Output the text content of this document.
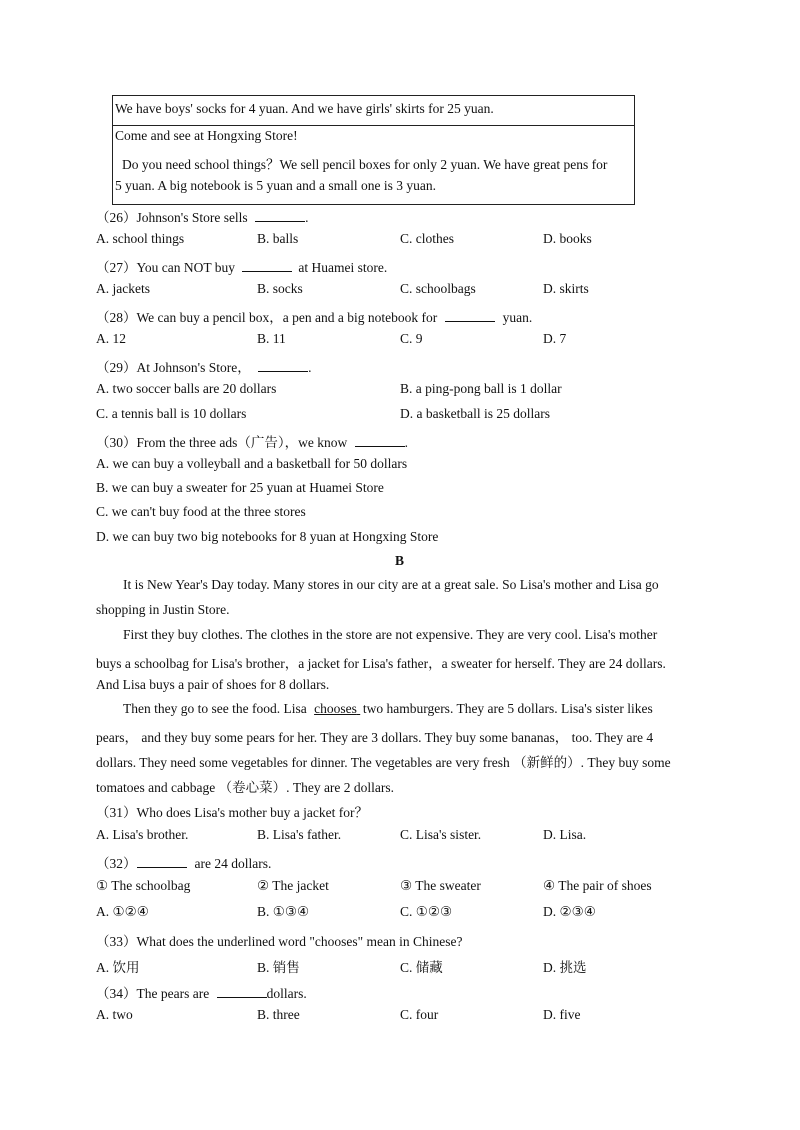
We have boys' socks for 4 yuan. And we have girls' skirts for 25 yuan.
Come and see at Hongxing Store!
Do you need school things？We sell pencil boxes for only 2 yuan. We have great pens for
5 yuan. A big notebook is 5 yuan and a small one is 3 yuan.
（26）Johnson's Store sells	.
A. school things	B. balls	C. clothes	D. books
（27）You can NOT buy	at Huamei store.
A. jackets	B. socks	C. schoolbags	D. skirts
（28）We can buy a pencil box，a pen and a big notebook for	yuan.
A. 12	B. 11	C. 9	D. 7
（29）At Johnson's Store，	.
A. two soccer balls are 20 dollars	B. a ping-pong ball is 1 dollar
C. a tennis ball is 10 dollars	D. a basketball is 25 dollars
（30）From the three ads（广告），we know	.
A. we can buy a volleyball and a basketball for 50 dollars
B. we can buy a sweater for 25 yuan at Huamei Store
C. we can't buy food at the three stores
D. we can buy two big notebooks for 8 yuan at Hongxing Store
B
It is New Year's Day today. Many stores in our city are at a great sale. So Lisa's mother and Lisa go
shopping in Justin Store.
First they buy clothes. The clothes in the store are not expensive. They are very cool. Lisa's mother
buys a schoolbag for Lisa's brother，a jacket for Lisa's father，a sweater for herself. They are 24 dollars.
And Lisa buys a pair of shoes for 8 dollars.
Then they go to see the food. Lisa chooses two hamburgers. They are 5 dollars. Lisa's sister likes
pears， and they buy some pears for her. They are 3 dollars. They buy some bananas， too. They are 4
dollars. They need some vegetables for dinner. The vegetables are very fresh （新鲜的）. They buy some
tomatoes and cabbage （卷心菜）. They are 2 dollars.
（31）Who does Lisa's mother buy a jacket for？
A. Lisa's brother.	B. Lisa's father.	C. Lisa's sister.	D. Lisa.
（32）	are 24 dollars.
① The schoolbag	② The jacket	③ The sweater	④ The pair of shoes
A. ①②④	B. ①③④	C. ①②③	D. ②③④
（33）What does the underlined word "chooses" mean in Chinese?
A. 饮用	B. 销售	C. 储藏	D. 挑选
（34）The pears are	dollars.
A. two	B. three	C. four	D. five
